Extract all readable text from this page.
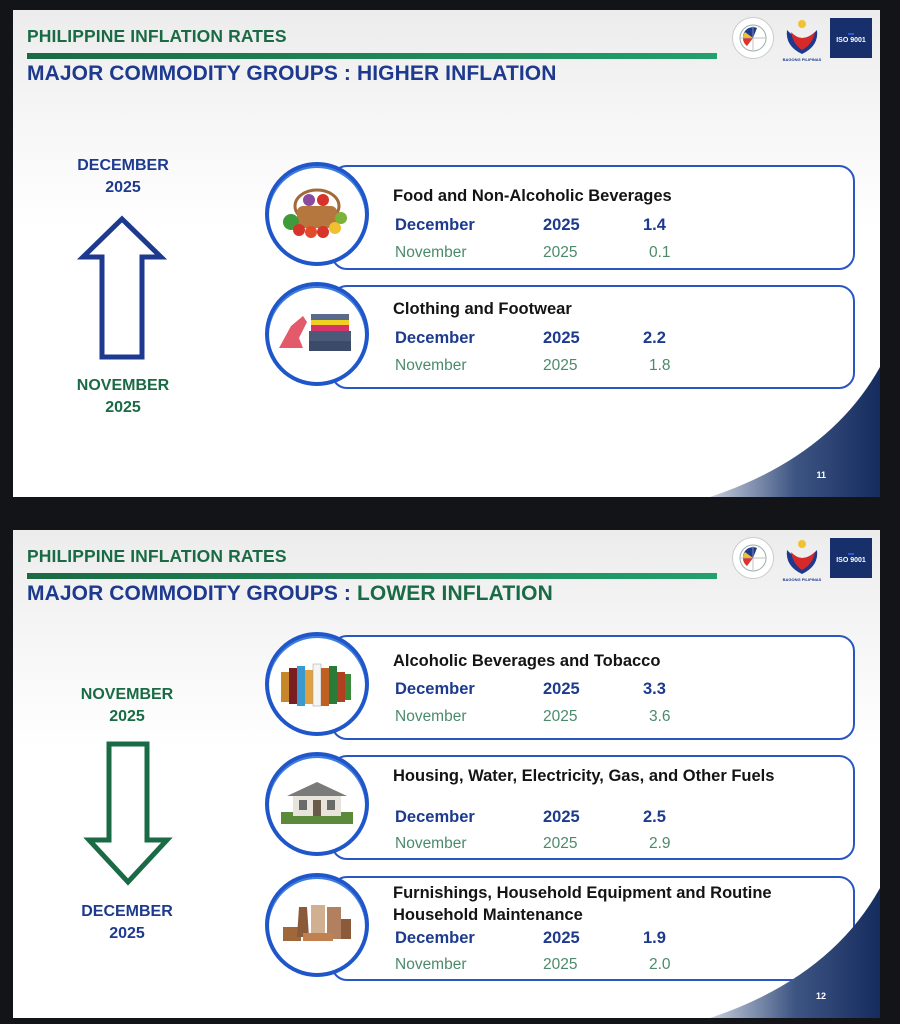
PHILIPPINE INFLATION RATES
MAJOR COMMODITY GROUPS : HIGHER INFLATION
BAGONG PILIPINAS
ISO 9001
DECEMBER
2025
NOVEMBER
2025
Food and Non-Alcoholic Beverages
December	2025	1.4
November	2025	0.1
Clothing and Footwear
December	2025	2.2
November	2025	1.8
11
PHILIPPINE INFLATION RATES
MAJOR COMMODITY GROUPS : LOWER INFLATION
BAGONG PILIPINAS
ISO 9001
NOVEMBER
2025
DECEMBER
2025
Alcoholic Beverages and Tobacco
December	2025	3.3
November	2025	3.6
Housing, Water, Electricity, Gas, and Other Fuels
December	2025	2.5
November	2025	2.9
Furnishings, Household Equipment and Routine Household Maintenance
December	2025	1.9
November	2025	2.0
12
